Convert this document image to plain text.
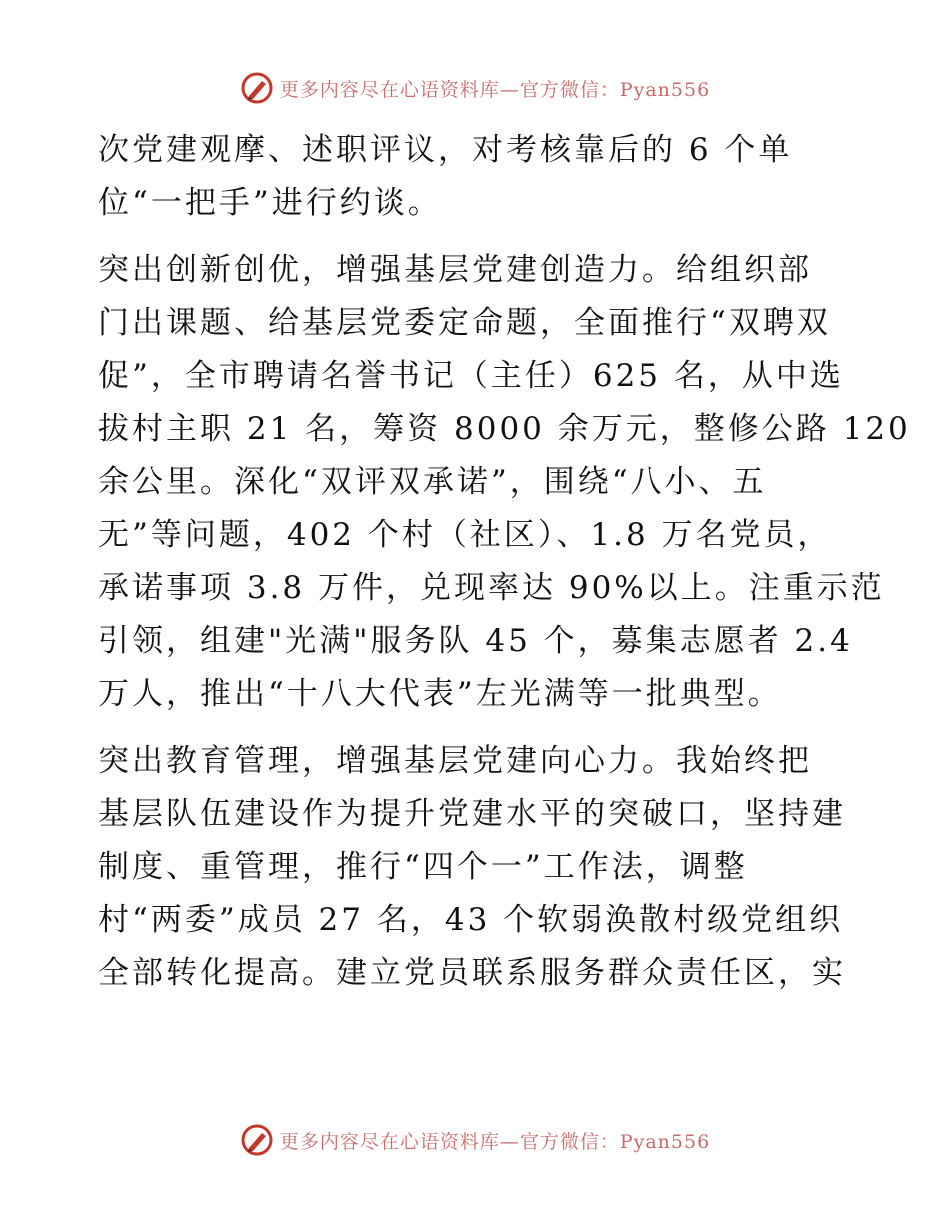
更多内容尽在心语资料库—官方微信：Pyan556
次党建观摩、述职评议，对考核靠后的 6 个单
位“一把手”进行约谈。
突出创新创优，增强基层党建创造力。给组织部
门出课题、给基层党委定命题，全面推行“双聘双
促”，全市聘请名誉书记（主任）625 名，从中选
拔村主职 21 名，筹资 8000 余万元，整修公路 120
余公里。深化“双评双承诺”，围绕“八小、五
无”等问题，402 个村（社区）、1.8 万名党员，
承诺事项 3.8 万件，兑现率达 90%以上。注重示范
引领，组建"光满"服务队 45 个，募集志愿者 2.4
万人，推出“十八大代表”左光满等一批典型。
突出教育管理，增强基层党建向心力。我始终把
基层队伍建设作为提升党建水平的突破口，坚持建
制度、重管理，推行“四个一”工作法，调整
村“两委”成员 27 名，43 个软弱涣散村级党组织
全部转化提高。建立党员联系服务群众责任区，实
更多内容尽在心语资料库—官方微信：Pyan556
